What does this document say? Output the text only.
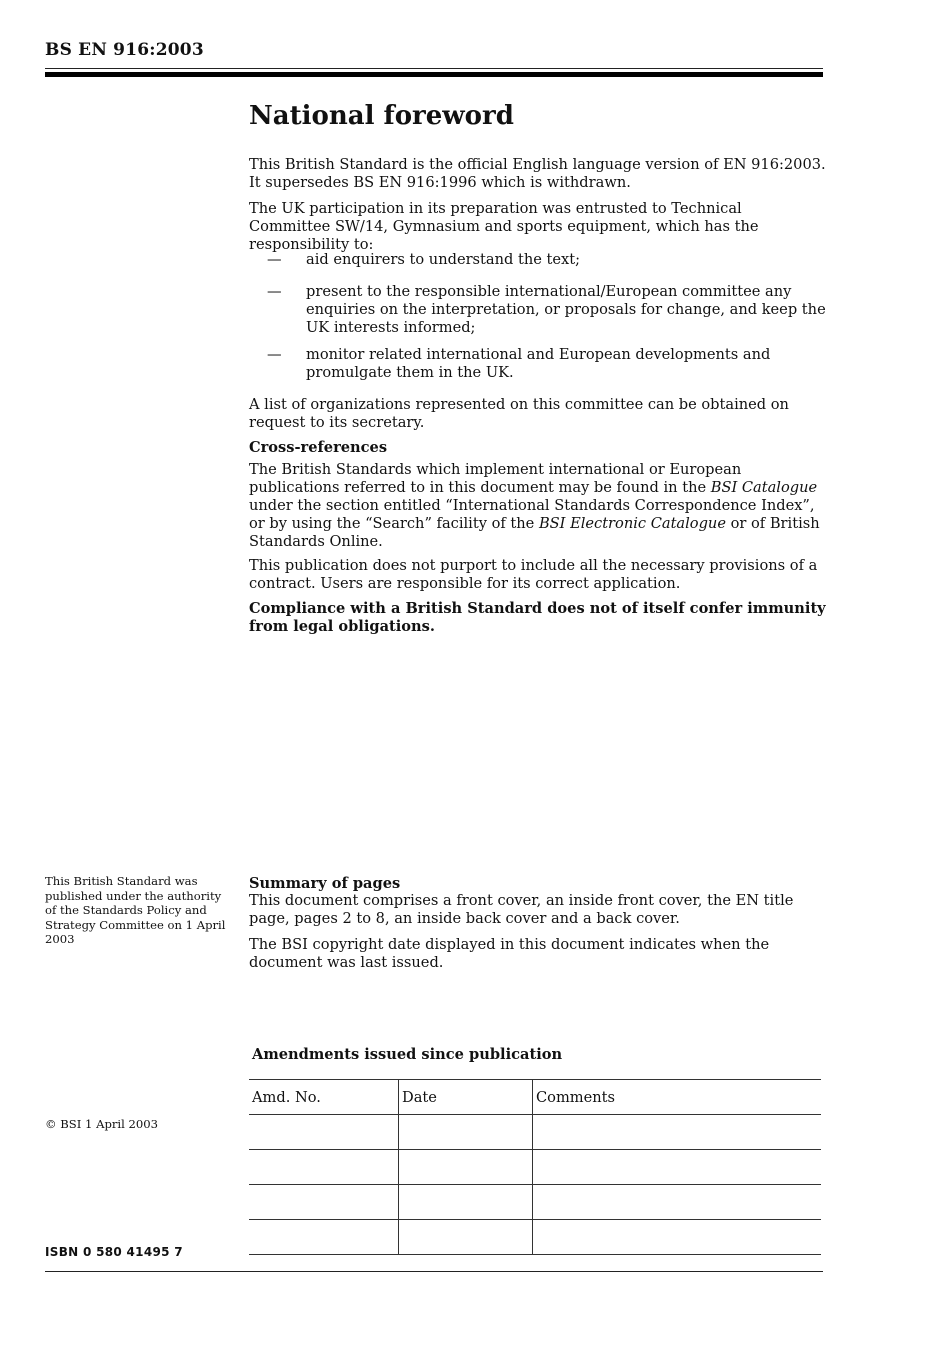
BS EN 916:2003
National foreword
This British Standard is the official English language version of EN 916:2003. It supersedes BS EN 916:1996 which is withdrawn.
The UK participation in its preparation was entrusted to Technical Committee SW/14, Gymnasium and sports equipment, which has the responsibility to:
—	aid enquirers to understand the text;
—	present to the responsible international/European committee any enquiries on the interpretation, or proposals for change, and keep the UK interests informed;
—	monitor related international and European developments and promulgate them in the UK.
A list of organizations represented on this committee can be obtained on request to its secretary.
Cross-references
The British Standards which implement international or European publications referred to in this document may be found in the BSI Catalogue under the section entitled “International Standards Correspondence Index”, or by using the “Search” facility of the BSI Electronic Catalogue or of British Standards Online.
This publication does not purport to include all the necessary provisions of a contract. Users are responsible for its correct application.
Compliance with a British Standard does not of itself confer immunity from legal obligations.
This British Standard was published under the authority of the Standards Policy and Strategy Committee on 1 April 2003
Summary of pages
This document comprises a front cover, an inside front cover, the EN title page, pages 2 to 8, an inside back cover and a back cover.
The BSI copyright date displayed in this document indicates when the document was last issued.
Amendments issued since publication
Amd. No.	Date	Comments

© BSI 1 April 2003
ISBN 0 580 41495 7
